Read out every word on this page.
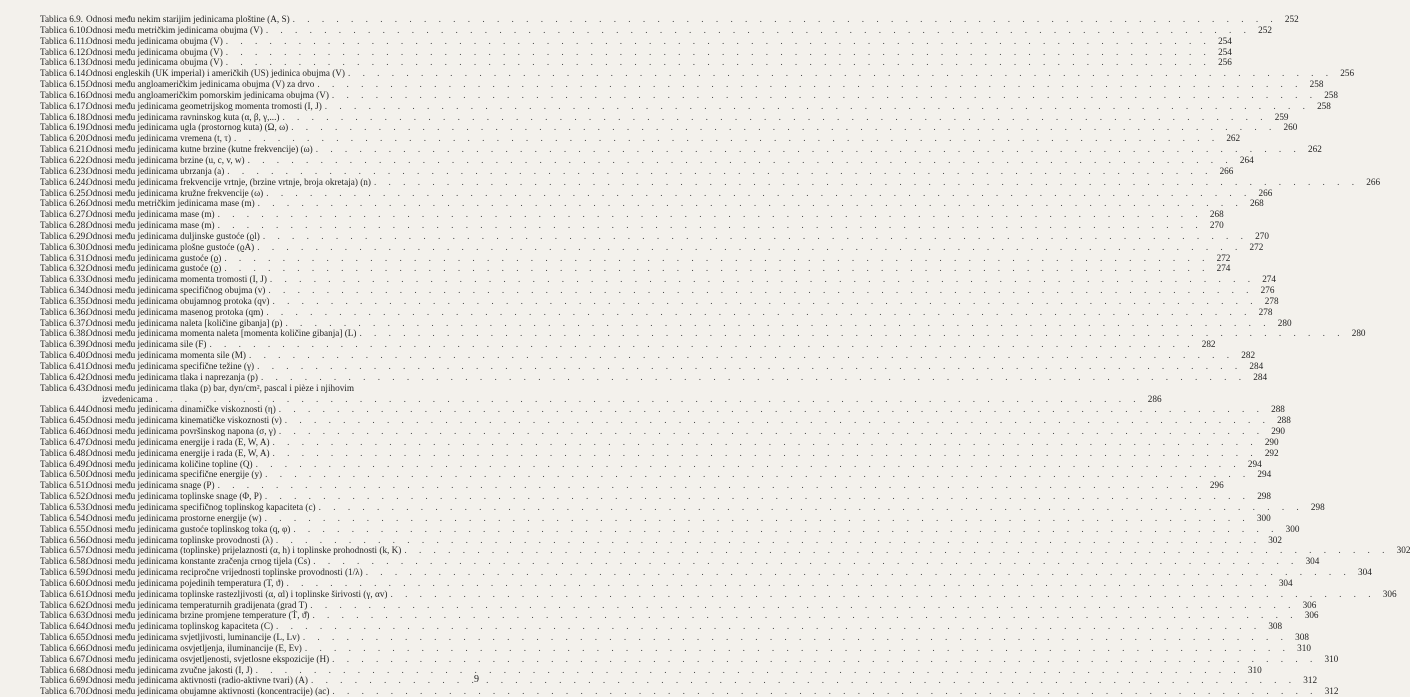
Tablica 6.9. Odnosi među nekim starijim jedinicama ploštine (A, S) . . .	252
Tablica 6.10.
Odnosi među metričkim jedinicama obujma (V) . . .	252
Tablica 6.11.
Odnosi među jedinicama obujma (V) . . .	254
Tablica 6.12.
Odnosi među jedinicama obujma (V) . . .	254
Tablica 6.13.
Odnosi među jedinicama obujma (V) . . .	256
Tablica 6.14.
Odnosi engleskih (UK imperial) i američkih (US) jedinica obujma (V) . . .	256
Tablica 6.15.
Odnosi među angloameričkim jedinicama obujma (V) za drvo . . .	258
Tablica 6.16.
Odnosi među angloameričkim pomorskim jedinicama obujma (V) . . .	258
Tablica 6.17.
Odnosi među jedinicama geometrijskog momenta tromosti (I, J) . . .	258
Tablica 6.18.
Odnosi među jedinicama ravninskog kuta (α, β, γ,...) . . .	259
Tablica 6.19.
Odnosi među jedinicama ugla (prostornog kuta) (Ω, ω) . . .	260
Tablica 6.20.
Odnosi među jedinicama vremena (t, τ) . . .	262
Tablica 6.21.
Odnosi među jedinicama kutne brzine (kutne frekvencije) (ω) . . .	262
Tablica 6.22.
Odnosi među jedinicama brzine (u, c, v, w) . . .	264
Tablica 6.23.
Odnosi među jedinicama ubrzanja (a) . . .	266
Tablica 6.24.
Odnosi među jedinicama frekvencije vrtnje, (brzine vrtnje, broja okretaja) (n) . . .	266
Tablica 6.25.
Odnosi među jedinicama kružne frekvencije (ω) . . .	266
Tablica 6.26.
Odnosi među metričkim jedinicama mase (m) . . .	268
Tablica 6.27.
Odnosi među jedinicama mase (m) . . .	268
Tablica 6.28.
Odnosi među jedinicama mase (m) . . .	270
Tablica 6.29.
Odnosi među jedinicama duljinske gustoće (ϱl) . . .	270
Tablica 6.30.
Odnosi među jedinicama plošne gustoće (ϱA) . . .	272
Tablica 6.31.
Odnosi među jedinicama gustoće (ϱ) . . .	272
Tablica 6.32.
Odnosi među jedinicama gustoće (ϱ) . . .	274
Tablica 6.33.
Odnosi među jedinicama momenta tromosti (I, J) . . .	274
Tablica 6.34.
Odnosi među jedinicama specifičnog obujma (v) . . .	276
Tablica 6.35.
Odnosi među jedinicama obujamnog protoka (qv) . . .	278
Tablica 6.36.
Odnosi među jedinicama masenog protoka (qm) . . .	278
Tablica 6.37.
Odnosi među jedinicama naleta [količine gibanja] (p) . . .	280
Tablica 6.38.
Odnosi među jedinicama momenta naleta [momenta količine gibanja] (L) . . .	280
Tablica 6.39.
Odnosi među jedinicama sile (F) . . .	282
Tablica 6.40.
Odnosi među jedinicama momenta sile (M) . . .	282
Tablica 6.41.
Odnosi među jedinicama specifične težine (γ) . . .	284
Tablica 6.42.
Odnosi među jedinicama tlaka i naprezanja (p) . . .	284
Tablica 6.43.
Odnosi među jedinicama tlaka (p) bar, dyn/cm², pascal i pièze i njihovim
izvedenicama . . .	286
Tablica 6.44.
Odnosi među jedinicama dinamičke viskoznosti (η) . . .	288
Tablica 6.45.
Odnosi među jedinicama kinematičke viskoznosti (ν) . . .	288
Tablica 6.46.
Odnosi među jedinicama površinskog napona (σ, γ) . . .	290
Tablica 6.47.
Odnosi među jedinicama energije i rada (E, W, A) . . .	290
Tablica 6.48.
Odnosi među jedinicama energije i rada (E, W, A) . . .	292
Tablica 6.49.
Odnosi među jedinicama količine topline (Q) . . .	294
Tablica 6.50.
Odnosi među jedinicama specifične energije (y) . . .	294
Tablica 6.51.
Odnosi među jedinicama snage (P) . . .	296
Tablica 6.52.
Odnosi među jedinicama toplinske snage (Φ, P) . . .	298
Tablica 6.53.
Odnosi među jedinicama specifičnog toplinskog kapaciteta (c) . . .	298
Tablica 6.54.
Odnosi među jedinicama prostorne energije (w) . . .	300
Tablica 6.55.
Odnosi među jedinicama gustoće toplinskog toka (q, φ) . . .	300
Tablica 6.56.
Odnosi među jedinicama toplinske provodnosti (λ) . . .	302
Tablica 6.57.
Odnosi među jedinicama (toplinske) prijelaznosti (α, h) i toplinske prohodnosti (k, K) . . .	302
Tablica 6.58.
Odnosi među jedinicama konstante zračenja crnog tijela (Cs) . . .	304
Tablica 6.59.
Odnosi među jedinicama recipročne vrijednosti toplinske provodnosti (1/λ) . . .	304
Tablica 6.60.
Odnosi među jedinicama pojedinih temperatura (T, ϑ) . . .	304
Tablica 6.61.
Odnosi među jedinicama toplinske rastezljivosti (α, αl) i toplinske širivosti (γ, αv) . . .	306
Tablica 6.62.
Odnosi među jedinicama temperaturnih gradijenata (grad T) . . .	306
Tablica 6.63.
Odnosi među jedinicama brzine promjene temperature (Ṫ, ϑ̇) . . .	306
Tablica 6.64.
Odnosi među jedinicama toplinskog kapaciteta (C) . . .	308
Tablica 6.65.
Odnosi među jedinicama svjetljivosti, luminancije (L, Lv) . . .	308
Tablica 6.66.
Odnosi među jedinicama osvjetljenja, iluminancije (E, Ev) . . .	310
Tablica 6.67.
Odnosi među jedinicama osvjetljenosti, svjetlosne ekspozicije (H) . . .	310
Tablica 6.68.
Odnosi među jedinicama zvučne jakosti (I, J) . . .	310
Tablica 6.69.
Odnosi među jedinicama aktivnosti (radio-aktivne tvari) (A) . . .	312
Tablica 6.70.
Odnosi među jedinicama obujamne aktivnosti (koncentracije) (ac) . . .	312
9
